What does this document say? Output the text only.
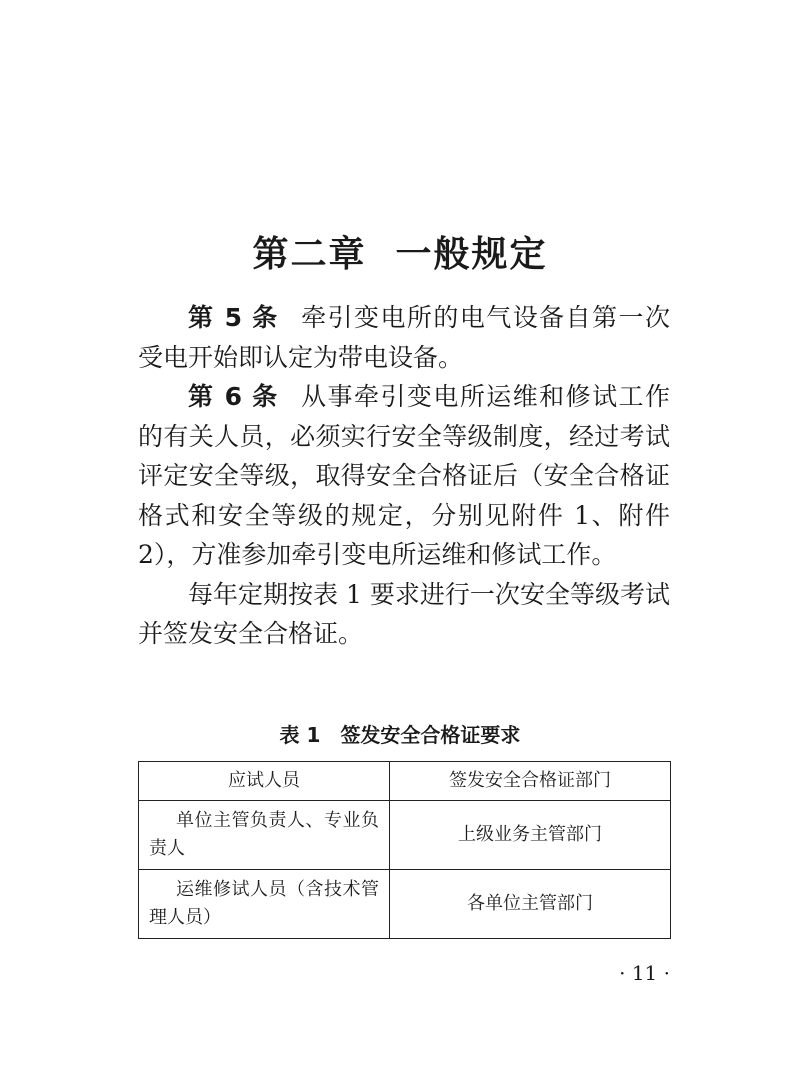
第二章  一般规定

第 5 条 牵引变电所的电气设备自第一次受电开始即认定为带电设备。

第 6 条 从事牵引变电所运维和修试工作的有关人员，必须实行安全等级制度，经过考试评定安全等级，取得安全合格证后（安全合格证格式和安全等级的规定，分别见附件 1、附件 2），方准参加牵引变电所运维和修试工作。

每年定期按表 1 要求进行一次安全等级考试并签发安全合格证。

表 1 签发安全合格证要求
应试人员	签发安全合格证部门

单位主管负责人、专业负责人	上级业务主管部门

运维修试人员（含技术管理人员）	各单位主管部门
· 11 ·
